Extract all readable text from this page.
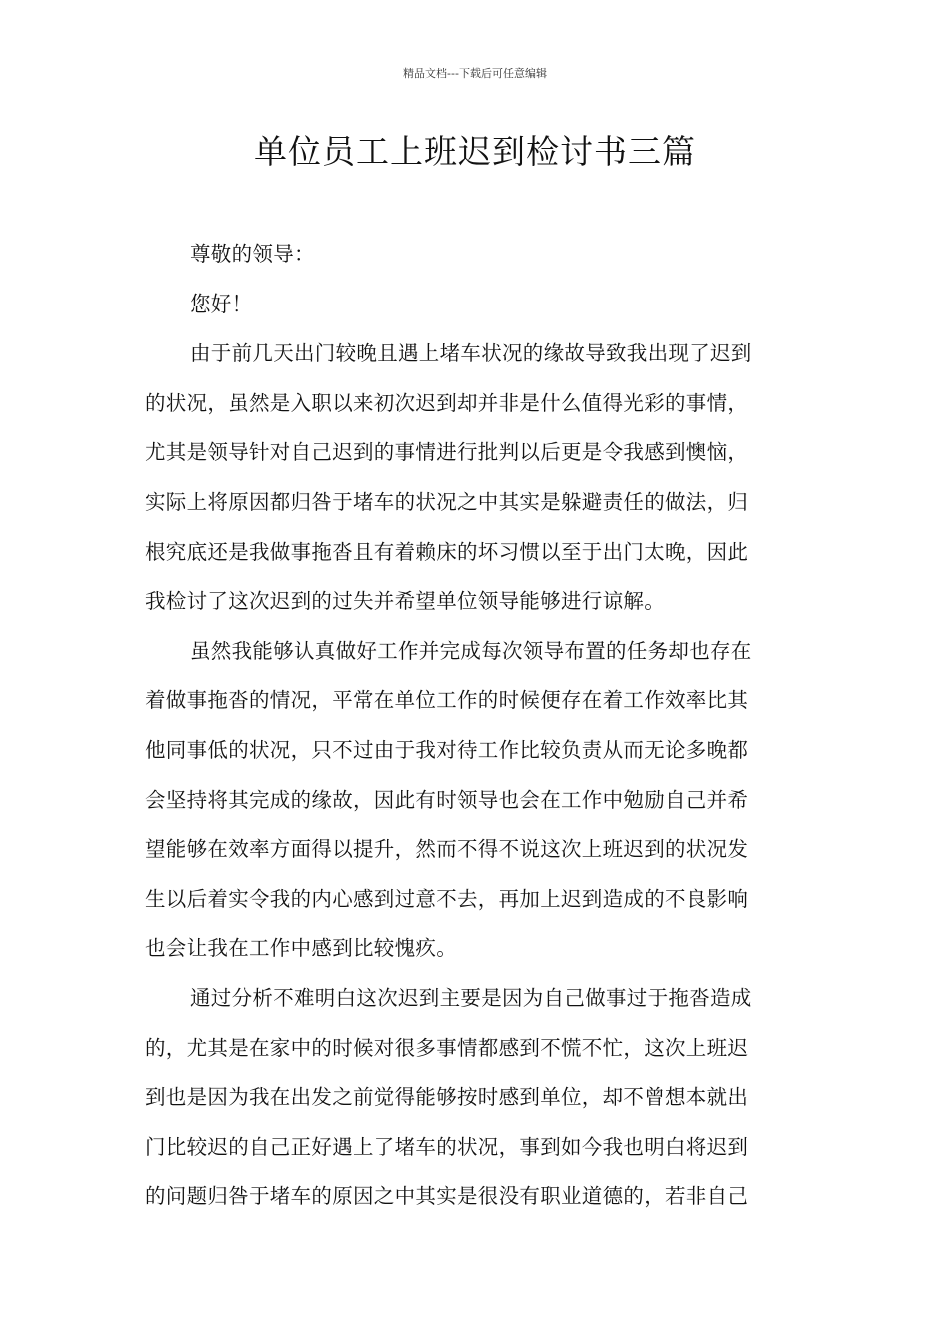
精品文档---下载后可任意编辑
单位员工上班迟到检讨书三篇
尊敬的领导：
您好！
由于前几天出门较晚且遇上堵车状况的缘故导致我出现了迟到
的状况，虽然是入职以来初次迟到却并非是什么值得光彩的事情，
尤其是领导针对自己迟到的事情进行批判以后更是令我感到懊恼，
实际上将原因都归咎于堵车的状况之中其实是躲避责任的做法，归
根究底还是我做事拖沓且有着赖床的坏习惯以至于出门太晚，因此
我检讨了这次迟到的过失并希望单位领导能够进行谅解。
虽然我能够认真做好工作并完成每次领导布置的任务却也存在
着做事拖沓的情况，平常在单位工作的时候便存在着工作效率比其
他同事低的状况，只不过由于我对待工作比较负责从而无论多晚都
会坚持将其完成的缘故，因此有时领导也会在工作中勉励自己并希
望能够在效率方面得以提升，然而不得不说这次上班迟到的状况发
生以后着实令我的内心感到过意不去，再加上迟到造成的不良影响
也会让我在工作中感到比较愧疚。
通过分析不难明白这次迟到主要是因为自己做事过于拖沓造成
的，尤其是在家中的时候对很多事情都感到不慌不忙，这次上班迟
到也是因为我在出发之前觉得能够按时感到单位，却不曾想本就出
门比较迟的自己正好遇上了堵车的状况，事到如今我也明白将迟到
的问题归咎于堵车的原因之中其实是很没有职业道德的，若非自己
